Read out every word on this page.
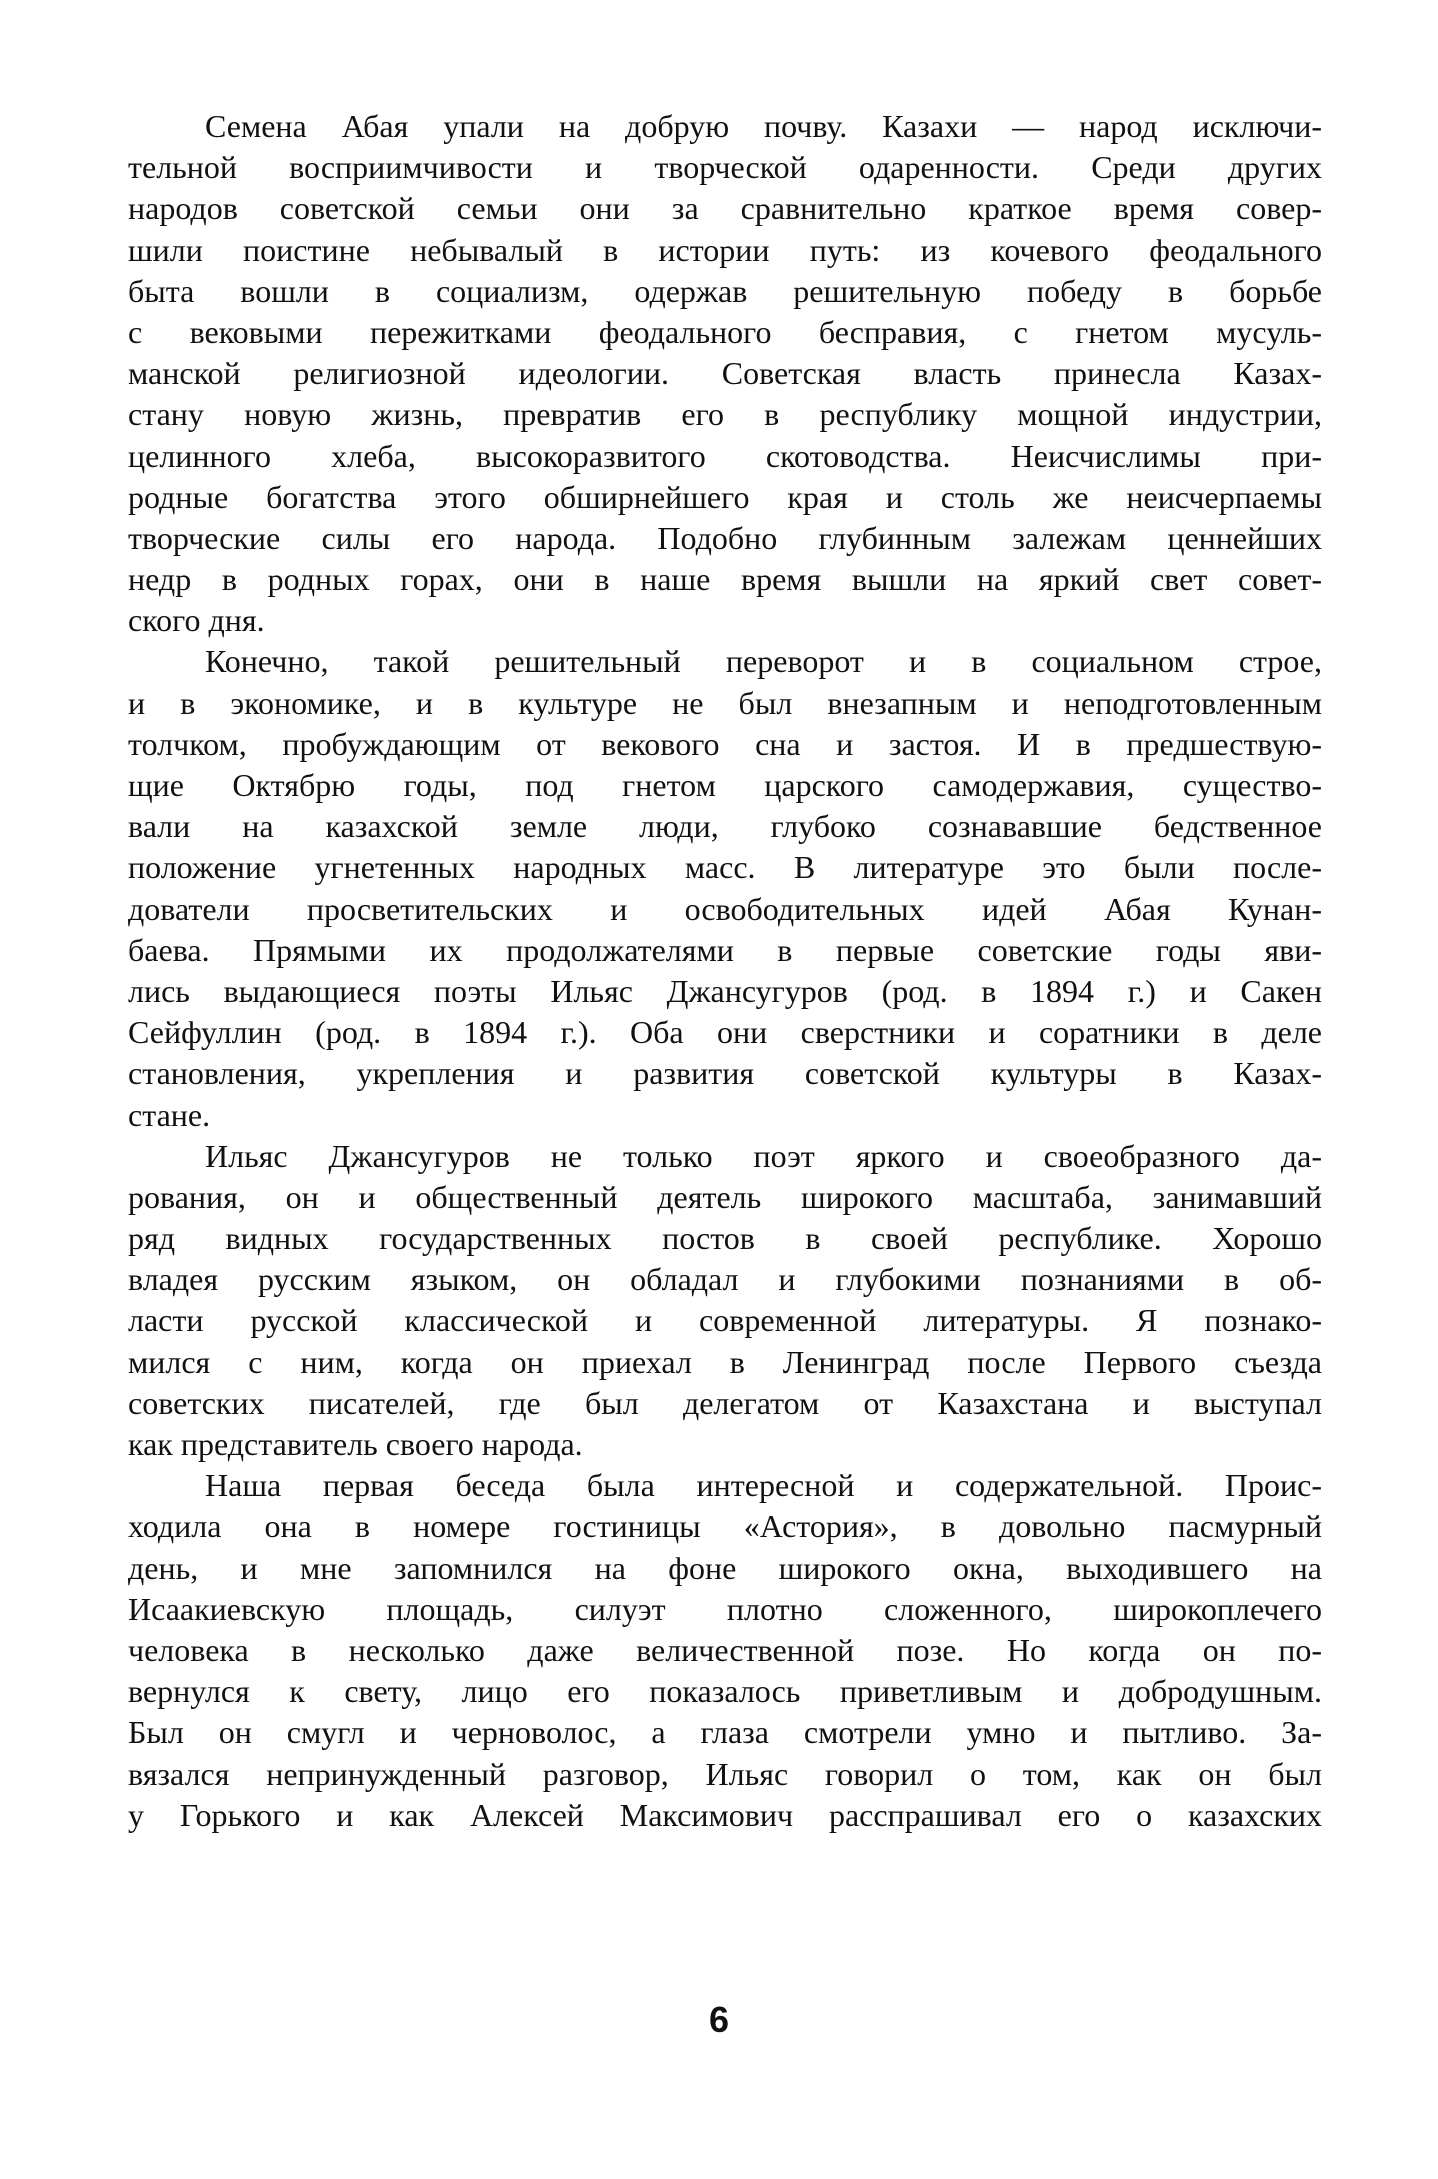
Семена Абая упали на добрую почву. Казахи — народ исключи-
тельной восприимчивости и творческой одаренности. Среди других
народов советской семьи они за сравнительно краткое время совер-
шили поистине небывалый в истории путь: из кочевого феодального
быта вошли в социализм, одержав решительную победу в борьбе
с вековыми пережитками феодального бесправия, с гнетом мусуль-
манской религиозной идеологии. Советская власть принесла Казах-
стану новую жизнь, превратив его в республику мощной индустрии,
целинного хлеба, высокоразвитого скотоводства. Неисчислимы при-
родные богатства этого обширнейшего края и столь же неисчерпаемы
творческие силы его народа. Подобно глубинным залежам ценнейших
недр в родных горах, они в наше время вышли на яркий свет совет-
ского дня.
Конечно, такой решительный переворот и в социальном строе,
и в экономике, и в культуре не был внезапным и неподготовленным
толчком, пробуждающим от векового сна и застоя. И в предшествую-
щие Октябрю годы, под гнетом царского самодержавия, существо-
вали на казахской земле люди, глубоко сознававшие бедственное
положение угнетенных народных масс. В литературе это были после-
дователи просветительских и освободительных идей Абая Кунан-
баева. Прямыми их продолжателями в первые советские годы яви-
лись выдающиеся поэты Ильяс Джансугуров (род. в 1894 г.) и Сакен
Сейфуллин (род. в 1894 г.). Оба они сверстники и соратники в деле
становления, укрепления и развития советской культуры в Казах-
стане.
Ильяс Джансугуров не только поэт яркого и своеобразного да-
рования, он и общественный деятель широкого масштаба, занимавший
ряд видных государственных постов в своей республике. Хорошо
владея русским языком, он обладал и глубокими познаниями в об-
ласти русской классической и современной литературы. Я познако-
мился с ним, когда он приехал в Ленинград после Первого съезда
советских писателей, где был делегатом от Казахстана и выступал
как представитель своего народа.
Наша первая беседа была интересной и содержательной. Проис-
ходила она в номере гостиницы «Астория», в довольно пасмурный
день, и мне запомнился на фоне широкого окна, выходившего на
Исаакиевскую площадь, силуэт плотно сложенного, широкоплечего
человека в несколько даже величественной позе. Но когда он по-
вернулся к свету, лицо его показалось приветливым и добродушным.
Был он смугл и черноволос, а глаза смотрели умно и пытливо. За-
вязался непринужденный разговор, Ильяс говорил о том, как он был
у Горького и как Алексей Максимович расспрашивал его о казахских
6
